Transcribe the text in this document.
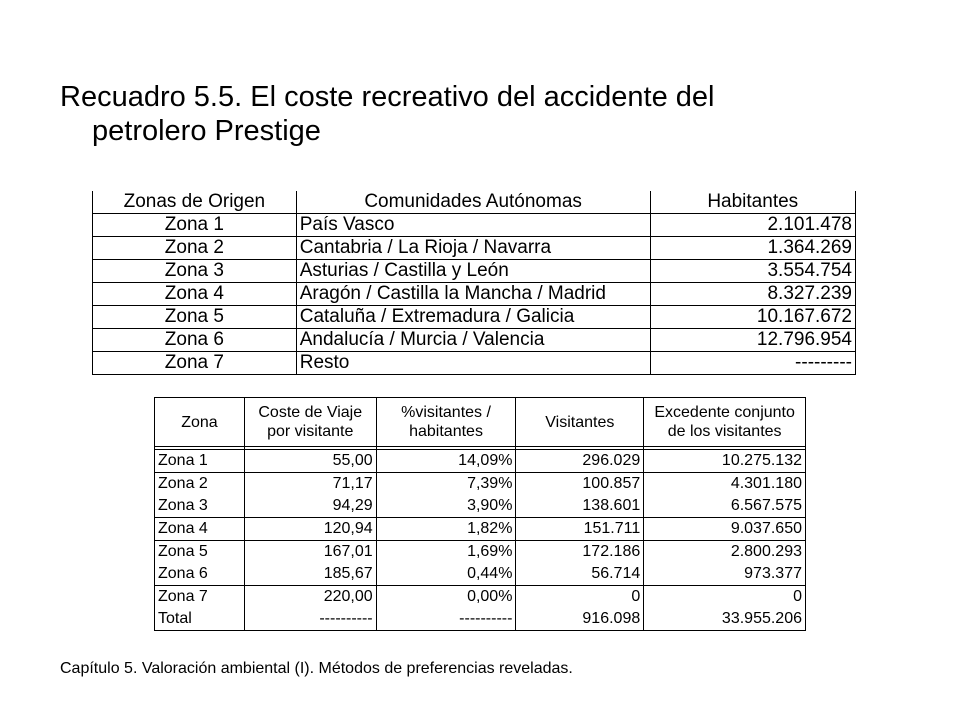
Recuadro 5.5. El coste recreativo del accidente del
petrolero Prestige
Zonas de Origen	Comunidades Autónomas	Habitantes
Zona 1	País Vasco	2.101.478
Zona 2	Cantabria / La Rioja / Navarra	1.364.269
Zona 3	Asturias / Castilla y León	3.554.754
Zona 4	Aragón / Castilla la Mancha / Madrid	8.327.239
Zona 5	Cataluña / Extremadura / Galicia	10.167.672
Zona 6	Andalucía / Murcia / Valencia	12.796.954
Zona 7	Resto	---------
Zona	Coste de Viaje por visitante	%visitantes / habitantes	Visitantes	Excedente conjunto de los visitantes

Zona 1	55,00	14,09%	296.029	10.275.132
Zona 2	71,17	7,39%	100.857	4.301.180
Zona 3	94,29	3,90%	138.601	6.567.575
Zona 4	120,94	1,82%	151.711	9.037.650
Zona 5	167,01	1,69%	172.186	2.800.293
Zona 6	185,67	0,44%	56.714	973.377
Zona 7	220,00	0,00%	0	0
Total	----------	----------	916.098	33.955.206
Capítulo 5. Valoración ambiental (I). Métodos de preferencias reveladas.
